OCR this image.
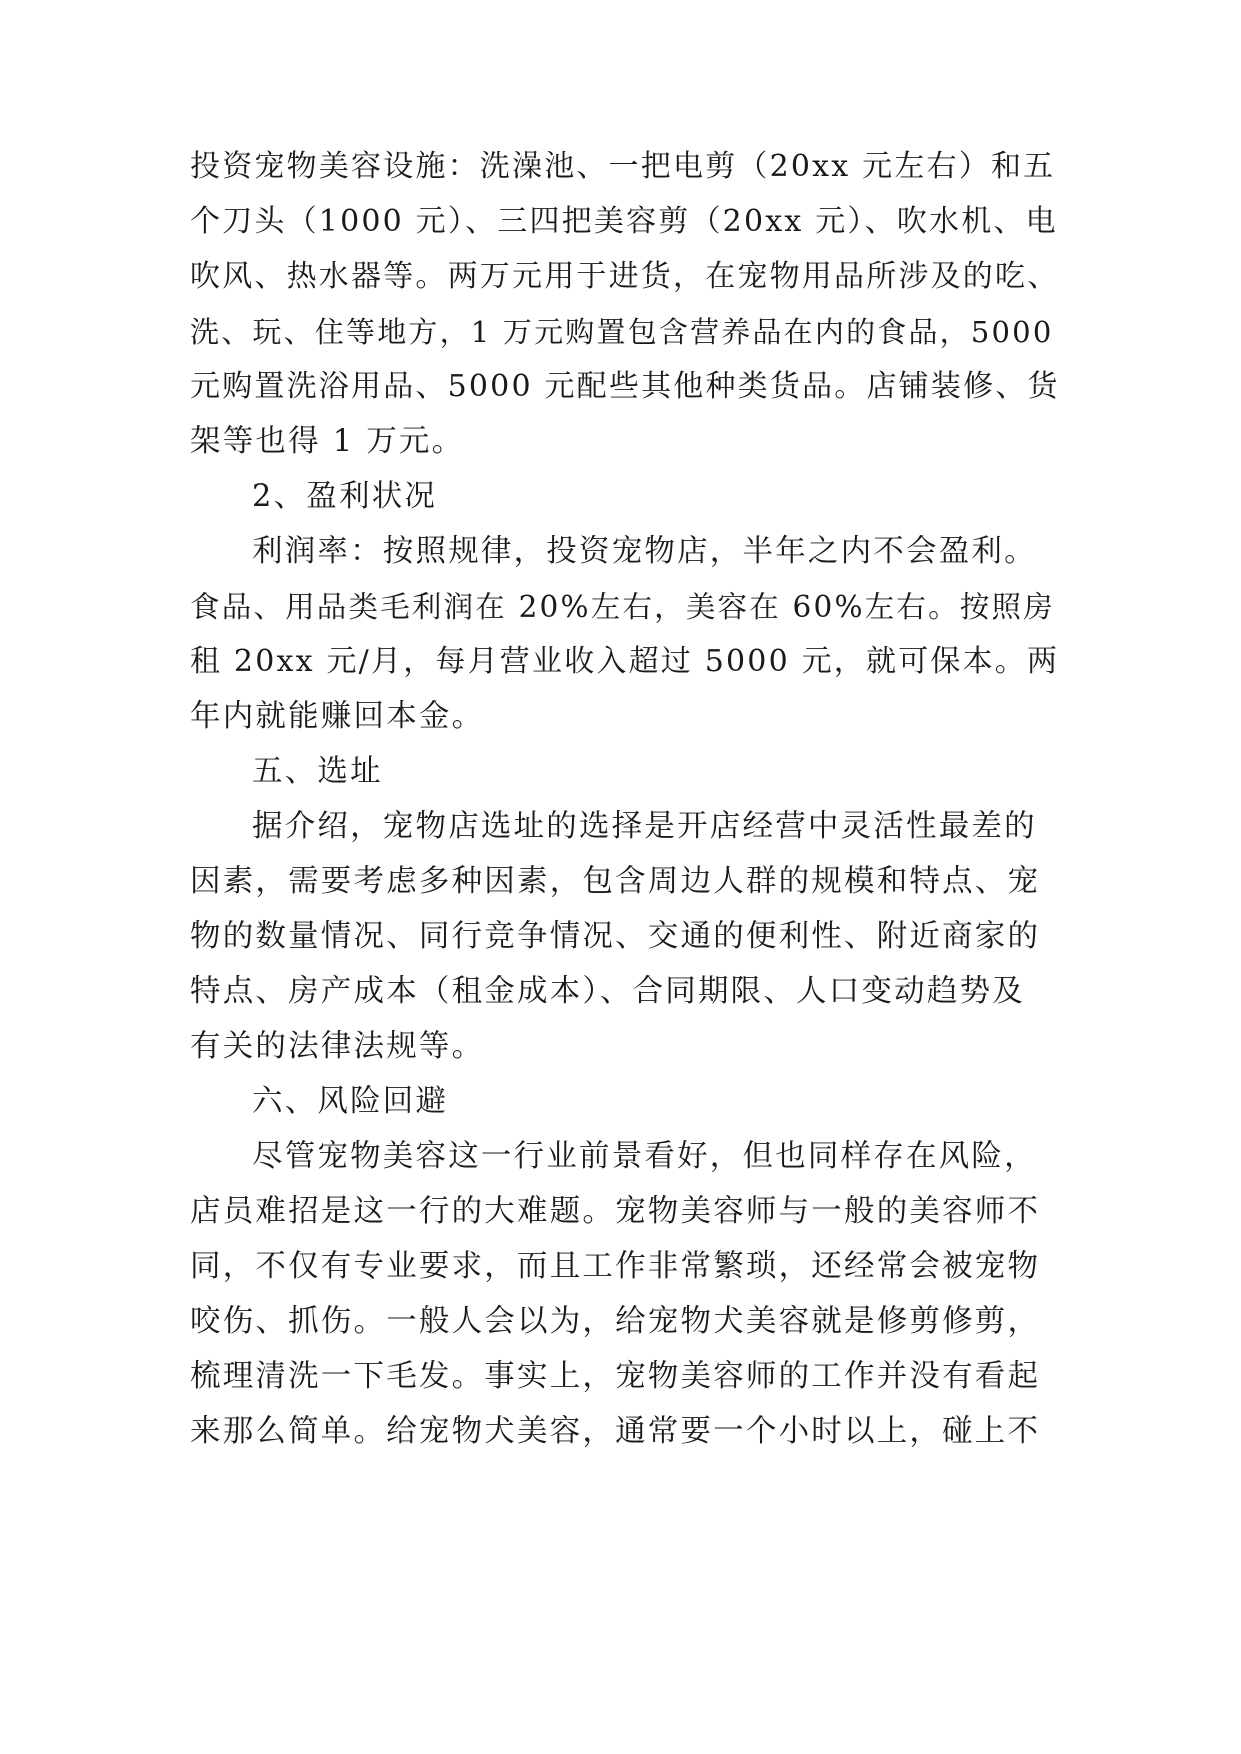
投资宠物美容设施：洗澡池、一把电剪（20xx 元左右）和五
个刀头（1000 元）、三四把美容剪（20xx 元）、吹水机、电
吹风、热水器等。两万元用于进货，在宠物用品所涉及的吃、
洗、玩、住等地方，1 万元购置包含营养品在内的食品，5000
元购置洗浴用品、5000 元配些其他种类货品。店铺装修、货
架等也得 1 万元。
2、盈利状况
利润率：按照规律，投资宠物店，半年之内不会盈利。
食品、用品类毛利润在 20%左右，美容在 60%左右。按照房
租 20xx 元/月，每月营业收入超过 5000 元，就可保本。两
年内就能赚回本金。
五、选址
据介绍，宠物店选址的选择是开店经营中灵活性最差的
因素，需要考虑多种因素，包含周边人群的规模和特点、宠
物的数量情况、同行竞争情况、交通的便利性、附近商家的
特点、房产成本（租金成本）、合同期限、人口变动趋势及
有关的法律法规等。
六、风险回避
尽管宠物美容这一行业前景看好，但也同样存在风险，
店员难招是这一行的大难题。宠物美容师与一般的美容师不
同，不仅有专业要求，而且工作非常繁琐，还经常会被宠物
咬伤、抓伤。一般人会以为，给宠物犬美容就是修剪修剪，
梳理清洗一下毛发。事实上，宠物美容师的工作并没有看起
来那么简单。给宠物犬美容，通常要一个小时以上，碰上不
